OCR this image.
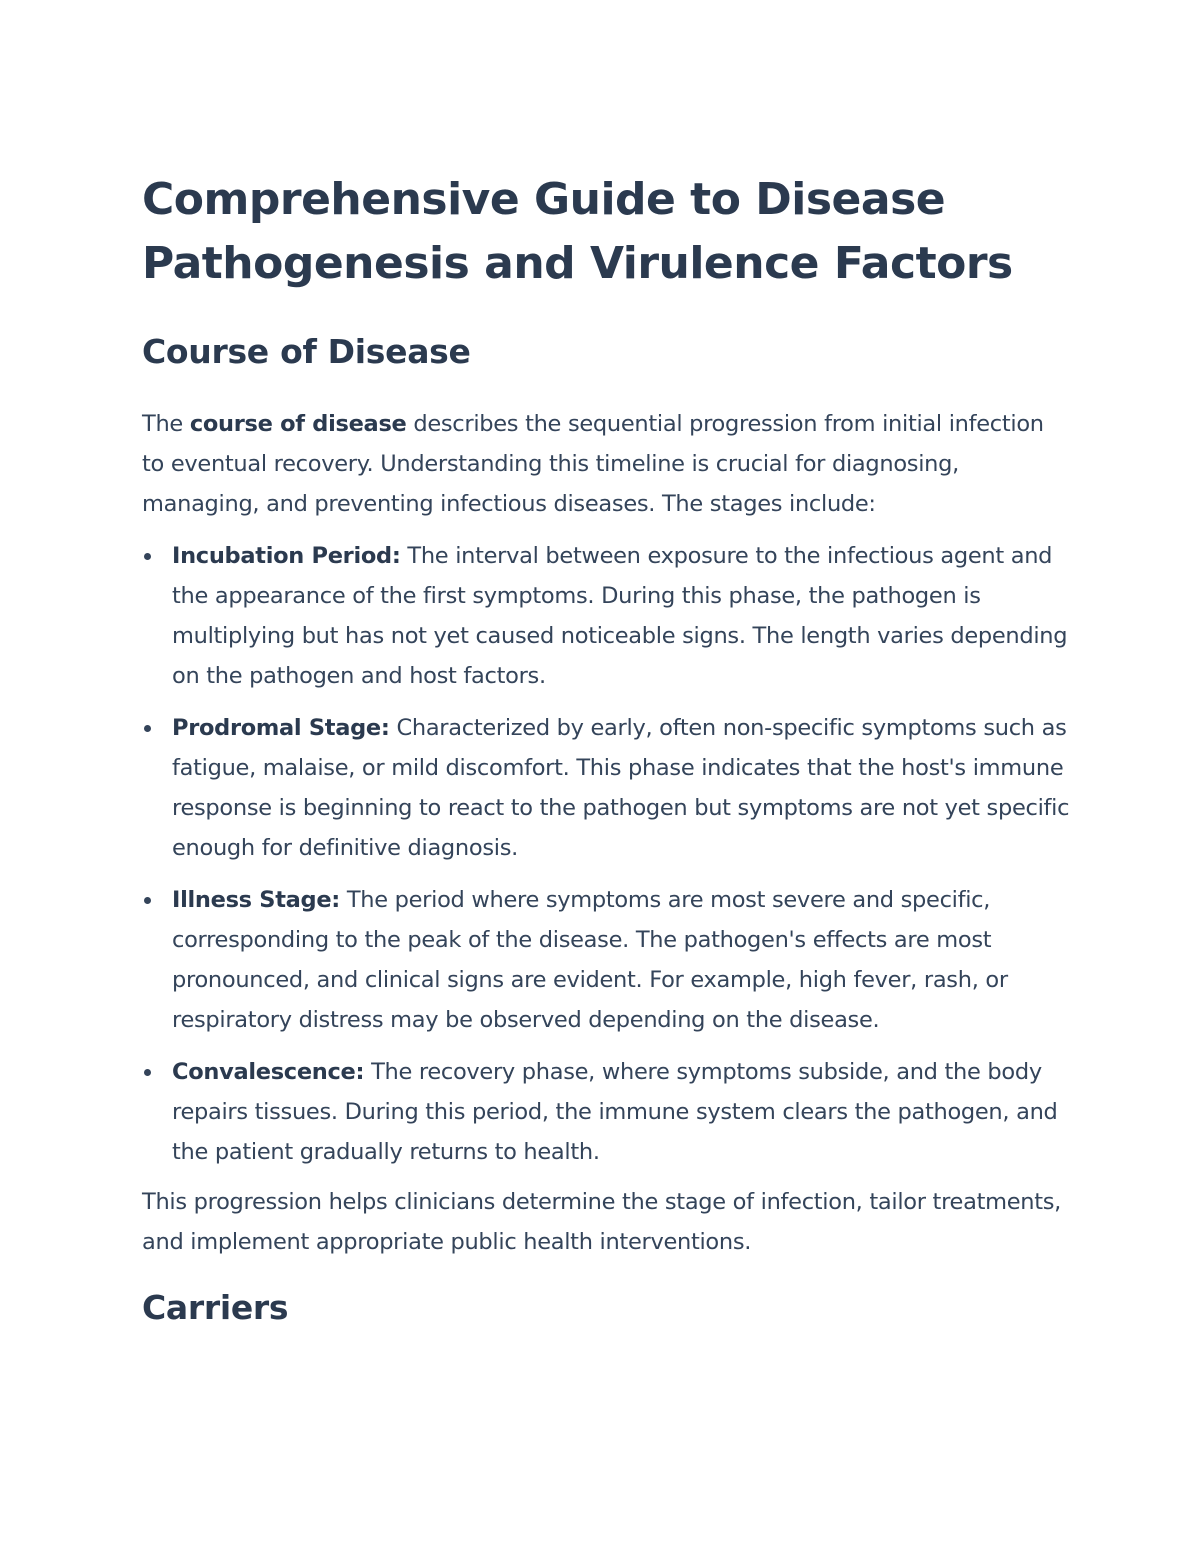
Comprehensive Guide to Disease Pathogenesis and Virulence Factors
Course of Disease

The course of disease describes the sequential progression from initial infection to eventual recovery. Understanding this timeline is crucial for diagnosing, managing, and preventing infectious diseases. The stages include:

Incubation Period: The interval between exposure to the infectious agent and the appearance of the first symptoms. During this phase, the pathogen is multiplying but has not yet caused noticeable signs. The length varies depending on the pathogen and host factors.
Prodromal Stage: Characterized by early, often non-specific symptoms such as fatigue, malaise, or mild discomfort. This phase indicates that the host's immune response is beginning to react to the pathogen but symptoms are not yet specific enough for definitive diagnosis.
Illness Stage: The period where symptoms are most severe and specific, corresponding to the peak of the disease. The pathogen's effects are most pronounced, and clinical signs are evident. For example, high fever, rash, or respiratory distress may be observed depending on the disease.
Convalescence: The recovery phase, where symptoms subside, and the body repairs tissues. During this period, the immune system clears the pathogen, and the patient gradually returns to health.

This progression helps clinicians determine the stage of infection, tailor treatments, and implement appropriate public health interventions.

Carriers
